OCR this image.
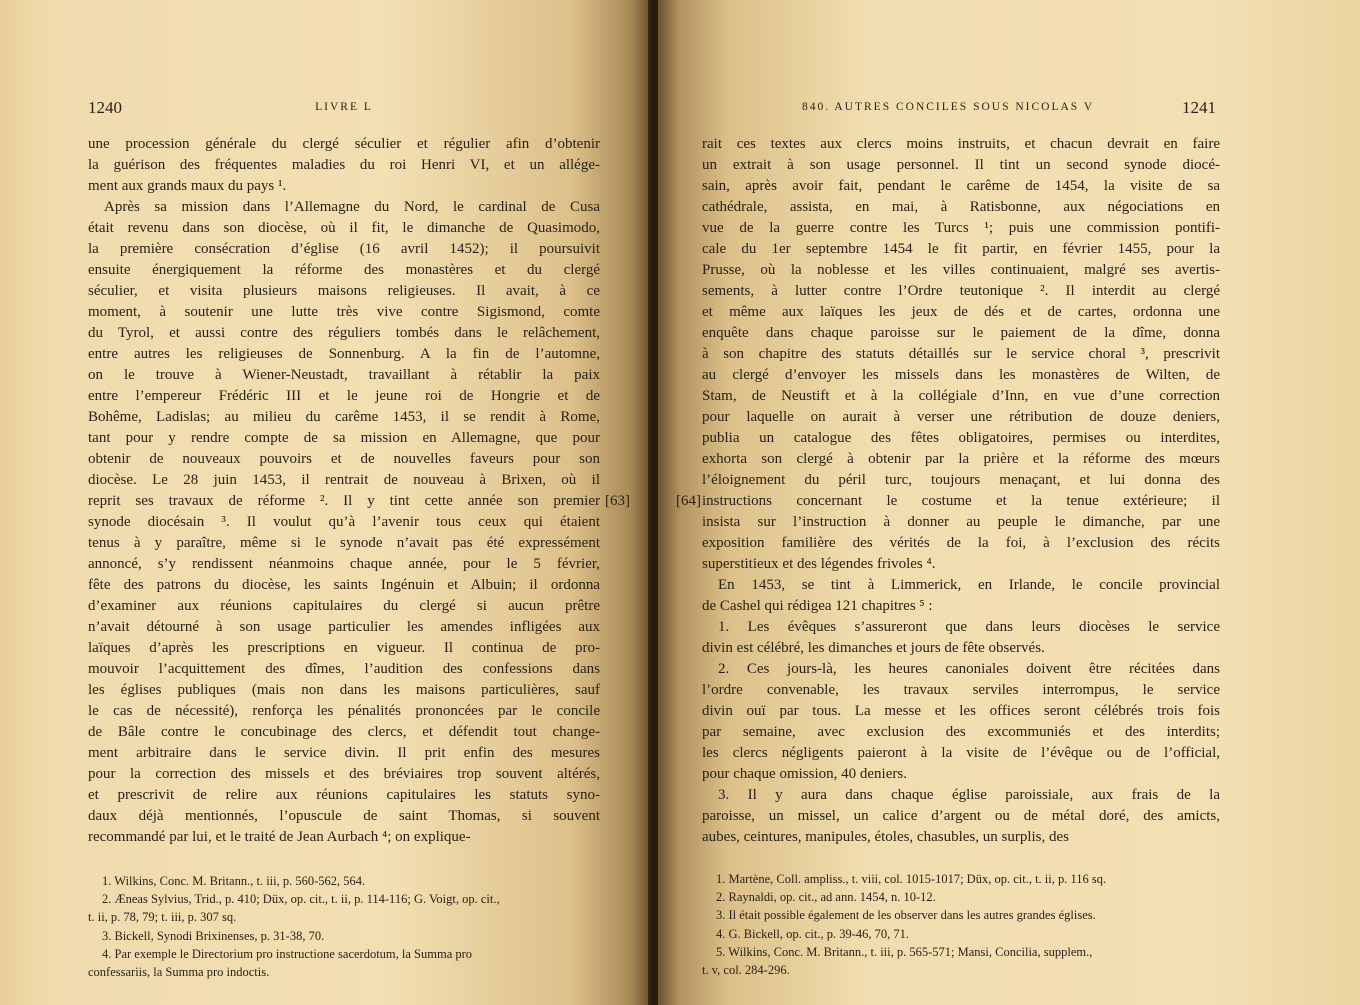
1240	LIVRE L
une procession générale du clergé séculier et régulier afin d’obtenir
la guérison des fréquentes maladies du roi Henri VI, et un allége-
ment aux grands maux du pays ¹.
Après sa mission dans l’Allemagne du Nord, le cardinal de Cusa
était revenu dans son diocèse, où il fit, le dimanche de Quasimodo,
la première consécration d’église (16 avril 1452); il poursuivit
ensuite énergiquement la réforme des monastères et du clergé
séculier, et visita plusieurs maisons religieuses. Il avait, à ce
moment, à soutenir une lutte très vive contre Sigismond, comte
du Tyrol, et aussi contre des réguliers tombés dans le relâchement,
entre autres les religieuses de Sonnenburg. A la fin de l’automne,
on le trouve à Wiener-Neustadt, travaillant à rétablir la paix
entre l’empereur Frédéric III et le jeune roi de Hongrie et de
Bohême, Ladislas; au milieu du carême 1453, il se rendit à Rome,
tant pour y rendre compte de sa mission en Allemagne, que pour
obtenir de nouveaux pouvoirs et de nouvelles faveurs pour son
diocèse. Le 28 juin 1453, il rentrait de nouveau à Brixen, où il
reprit ses travaux de réforme ². Il y tint cette année son premier
synode diocésain ³. Il voulut qu’à l’avenir tous ceux qui étaient
tenus à y paraître, même si le synode n’avait pas été expressément
annoncé, s’y rendissent néanmoins chaque année, pour le 5 février,
fête des patrons du diocèse, les saints Ingénuin et Albuin; il ordonna
d’examiner aux réunions capitulaires du clergé si aucun prêtre
n’avait détourné à son usage particulier les amendes infligées aux
laïques d’après les prescriptions en vigueur. Il continua de pro-
mouvoir l’acquittement des dîmes, l’audition des confessions dans
les églises publiques (mais non dans les maisons particulières, sauf
le cas de nécessité), renforça les pénalités prononcées par le concile
de Bâle contre le concubinage des clercs, et défendit tout change-
ment arbitraire dans le service divin. Il prit enfin des mesures
pour la correction des missels et des bréviaires trop souvent altérés,
et prescrivit de relire aux réunions capitulaires les statuts syno-
daux déjà mentionnés, l’opuscule de saint Thomas, si souvent
recommandé par lui, et le traité de Jean Aurbach ⁴; on explique-
[63]
1. Wilkins, Conc. M. Britann., t. iii, p. 560-562, 564.
2. Æneas Sylvius, Trid., p. 410; Düx, op. cit., t. ii, p. 114-116; G. Voigt, op. cit.,
t. ii, p. 78, 79; t. iii, p. 307 sq.
3. Bickell, Synodi Brixinenses, p. 31-38, 70.
4. Par exemple le Directorium pro instructione sacerdotum, la Summa pro
confessariis, la Summa pro indoctis.
840. AUTRES CONCILES SOUS NICOLAS V	1241
rait ces textes aux clercs moins instruits, et chacun devrait en faire
un extrait à son usage personnel. Il tint un second synode diocé-
sain, après avoir fait, pendant le carême de 1454, la visite de sa
cathédrale, assista, en mai, à Ratisbonne, aux négociations en
vue de la guerre contre les Turcs ¹; puis une commission pontifi-
cale du 1er septembre 1454 le fit partir, en février 1455, pour la
Prusse, où la noblesse et les villes continuaient, malgré ses avertis-
sements, à lutter contre l’Ordre teutonique ². Il interdit au clergé
et même aux laïques les jeux de dés et de cartes, ordonna une
enquête dans chaque paroisse sur le paiement de la dîme, donna
à son chapitre des statuts détaillés sur le service choral ³, prescrivit
au clergé d’envoyer les missels dans les monastères de Wilten, de
Stam, de Neustift et à la collégiale d’Inn, en vue d’une correction
pour laquelle on aurait à verser une rétribution de douze deniers,
publia un catalogue des fêtes obligatoires, permises ou interdites,
exhorta son clergé à obtenir par la prière et la réforme des mœurs
l’éloignement du péril turc, toujours menaçant, et lui donna des
instructions concernant le costume et la tenue extérieure; il
insista sur l’instruction à donner au peuple le dimanche, par une
exposition familière des vérités de la foi, à l’exclusion des récits
superstitieux et des légendes frivoles ⁴.
En 1453, se tint à Limmerick, en Irlande, le concile provincial
de Cashel qui rédigea 121 chapitres ⁵ :
1. Les évêques s’assureront que dans leurs diocèses le service
divin est célébré, les dimanches et jours de fête observés.
2. Ces jours-là, les heures canoniales doivent être récitées dans
l’ordre convenable, les travaux serviles interrompus, le service
divin ouï par tous. La messe et les offices seront célébrés trois fois
par semaine, avec exclusion des excommuniés et des interdits;
les clercs négligents paieront à la visite de l’évêque ou de l’official,
pour chaque omission, 40 deniers.
3. Il y aura dans chaque église paroissiale, aux frais de la
paroisse, un missel, un calice d’argent ou de métal doré, des amicts,
aubes, ceintures, manipules, étoles, chasubles, un surplis, des
[64]
1. Martène, Coll. ampliss., t. viii, col. 1015-1017; Düx, op. cit., t. ii, p. 116 sq.
2. Raynaldi, op. cit., ad ann. 1454, n. 10-12.
3. Il était possible également de les observer dans les autres grandes églises.
4. G. Bickell, op. cit., p. 39-46, 70, 71.
5. Wilkins, Conc. M. Britann., t. iii, p. 565-571; Mansi, Concilia, supplem.,
t. v, col. 284-296.
